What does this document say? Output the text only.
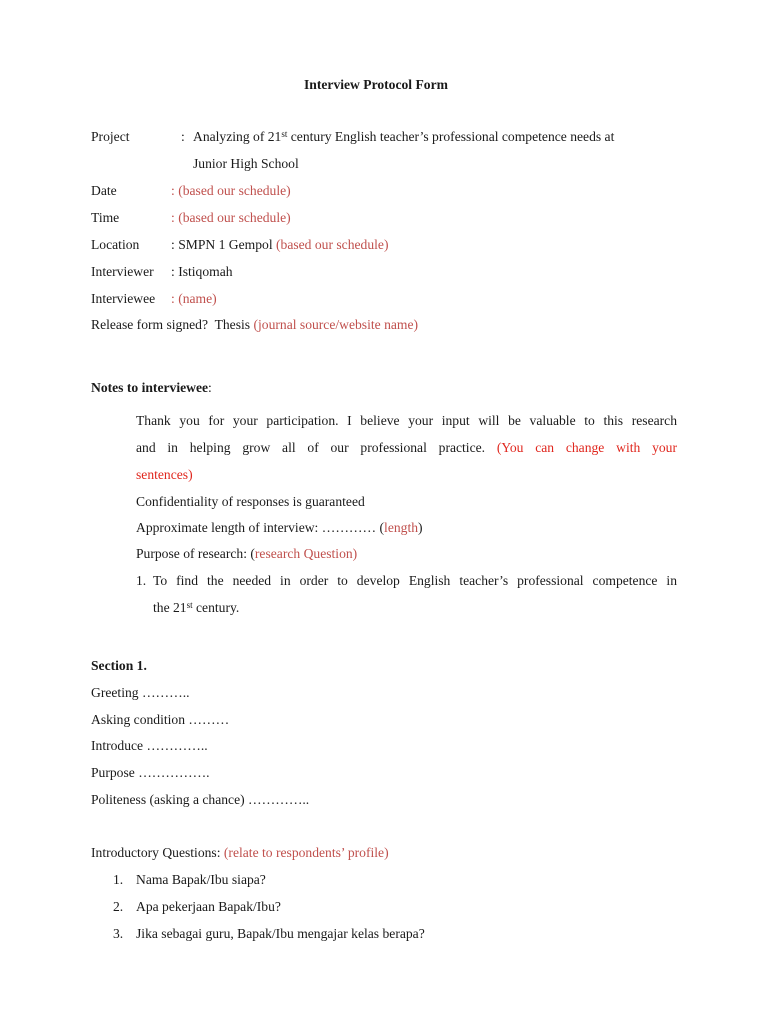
Interview Protocol Form
Project	: Analyzing of 21st century English teacher’s professional competence needs at
Junior High School
Date	: (based our schedule)
Time	: (based our schedule)
Location : SMPN 1 Gempol (based our schedule)
Interviewer : Istiqomah
Interviewee : (name)
Release form signed?  Thesis (journal source/website name)
Notes to interviewee:
Thank you for your participation. I believe your input will be valuable to this research
and in helping grow all of our professional practice. (You can change with your
sentences)
Confidentiality of responses is guaranteed
Approximate length of interview: ………… (length)
Purpose of research: (research Question)
1. To find the needed in order to develop English teacher’s professional competence in
the 21st century.
Section 1.
Greeting ………..
Asking condition ………
Introduce …………..
Purpose …………….
Politeness (asking a chance) …………..
Introductory Questions: (relate to respondents’ profile)
1. Nama Bapak/Ibu siapa?
2. Apa pekerjaan Bapak/Ibu?
3. Jika sebagai guru, Bapak/Ibu mengajar kelas berapa?
